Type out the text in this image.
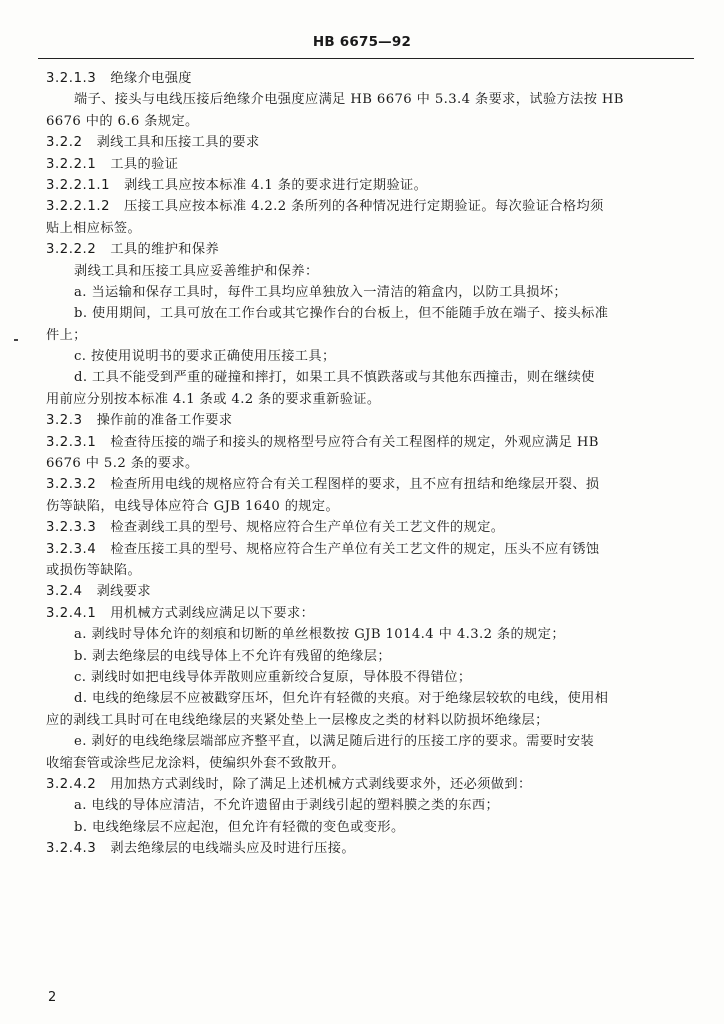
HB 6675—92
3.2.1.3 绝缘介电强度
端子、接头与电线压接后绝缘介电强度应满足 HB 6676 中 5.3.4 条要求，试验方法按 HB
6676 中的 6.6 条规定。
3.2.2 剥线工具和压接工具的要求
3.2.2.1 工具的验证
3.2.2.1.1 剥线工具应按本标准 4.1 条的要求进行定期验证。
3.2.2.1.2 压接工具应按本标准 4.2.2 条所列的各种情况进行定期验证。每次验证合格均须
贴上相应标签。
3.2.2.2 工具的维护和保养
剥线工具和压接工具应妥善维护和保养：
a. 当运输和保存工具时，每件工具均应单独放入一清洁的箱盒内，以防工具损坏；
b. 使用期间，工具可放在工作台或其它操作台的台板上，但不能随手放在端子、接头标准
件上；
c. 按使用说明书的要求正确使用压接工具；
d. 工具不能受到严重的碰撞和摔打，如果工具不慎跌落或与其他东西撞击，则在继续使
用前应分别按本标准 4.1 条或 4.2 条的要求重新验证。
3.2.3 操作前的准备工作要求
3.2.3.1 检查待压接的端子和接头的规格型号应符合有关工程图样的规定，外观应满足 HB
6676 中 5.2 条的要求。
3.2.3.2 检查所用电线的规格应符合有关工程图样的要求，且不应有扭结和绝缘层开裂、损
伤等缺陷，电线导体应符合 GJB 1640 的规定。
3.2.3.3 检查剥线工具的型号、规格应符合生产单位有关工艺文件的规定。
3.2.3.4 检查压接工具的型号、规格应符合生产单位有关工艺文件的规定，压头不应有锈蚀
或损伤等缺陷。
3.2.4 剥线要求
3.2.4.1 用机械方式剥线应满足以下要求：
a. 剥线时导体允许的刻痕和切断的单丝根数按 GJB 1014.4 中 4.3.2 条的规定；
b. 剥去绝缘层的电线导体上不允许有残留的绝缘层；
c. 剥线时如把电线导体弄散则应重新绞合复原，导体股不得错位；
d. 电线的绝缘层不应被戳穿压坏，但允许有轻微的夹痕。对于绝缘层较软的电线，使用相
应的剥线工具时可在电线绝缘层的夹紧处垫上一层橡皮之类的材料以防损坏绝缘层；
e. 剥好的电线绝缘层端部应齐整平直，以满足随后进行的压接工序的要求。需要时安装
收缩套管或涂些尼龙涂料，使编织外套不致散开。
3.2.4.2 用加热方式剥线时，除了满足上述机械方式剥线要求外，还必须做到：
a. 电线的导体应清洁，不允许遗留由于剥线引起的塑料膜之类的东西；
b. 电线绝缘层不应起泡，但允许有轻微的变色或变形。
3.2.4.3 剥去绝缘层的电线端头应及时进行压接。
2
